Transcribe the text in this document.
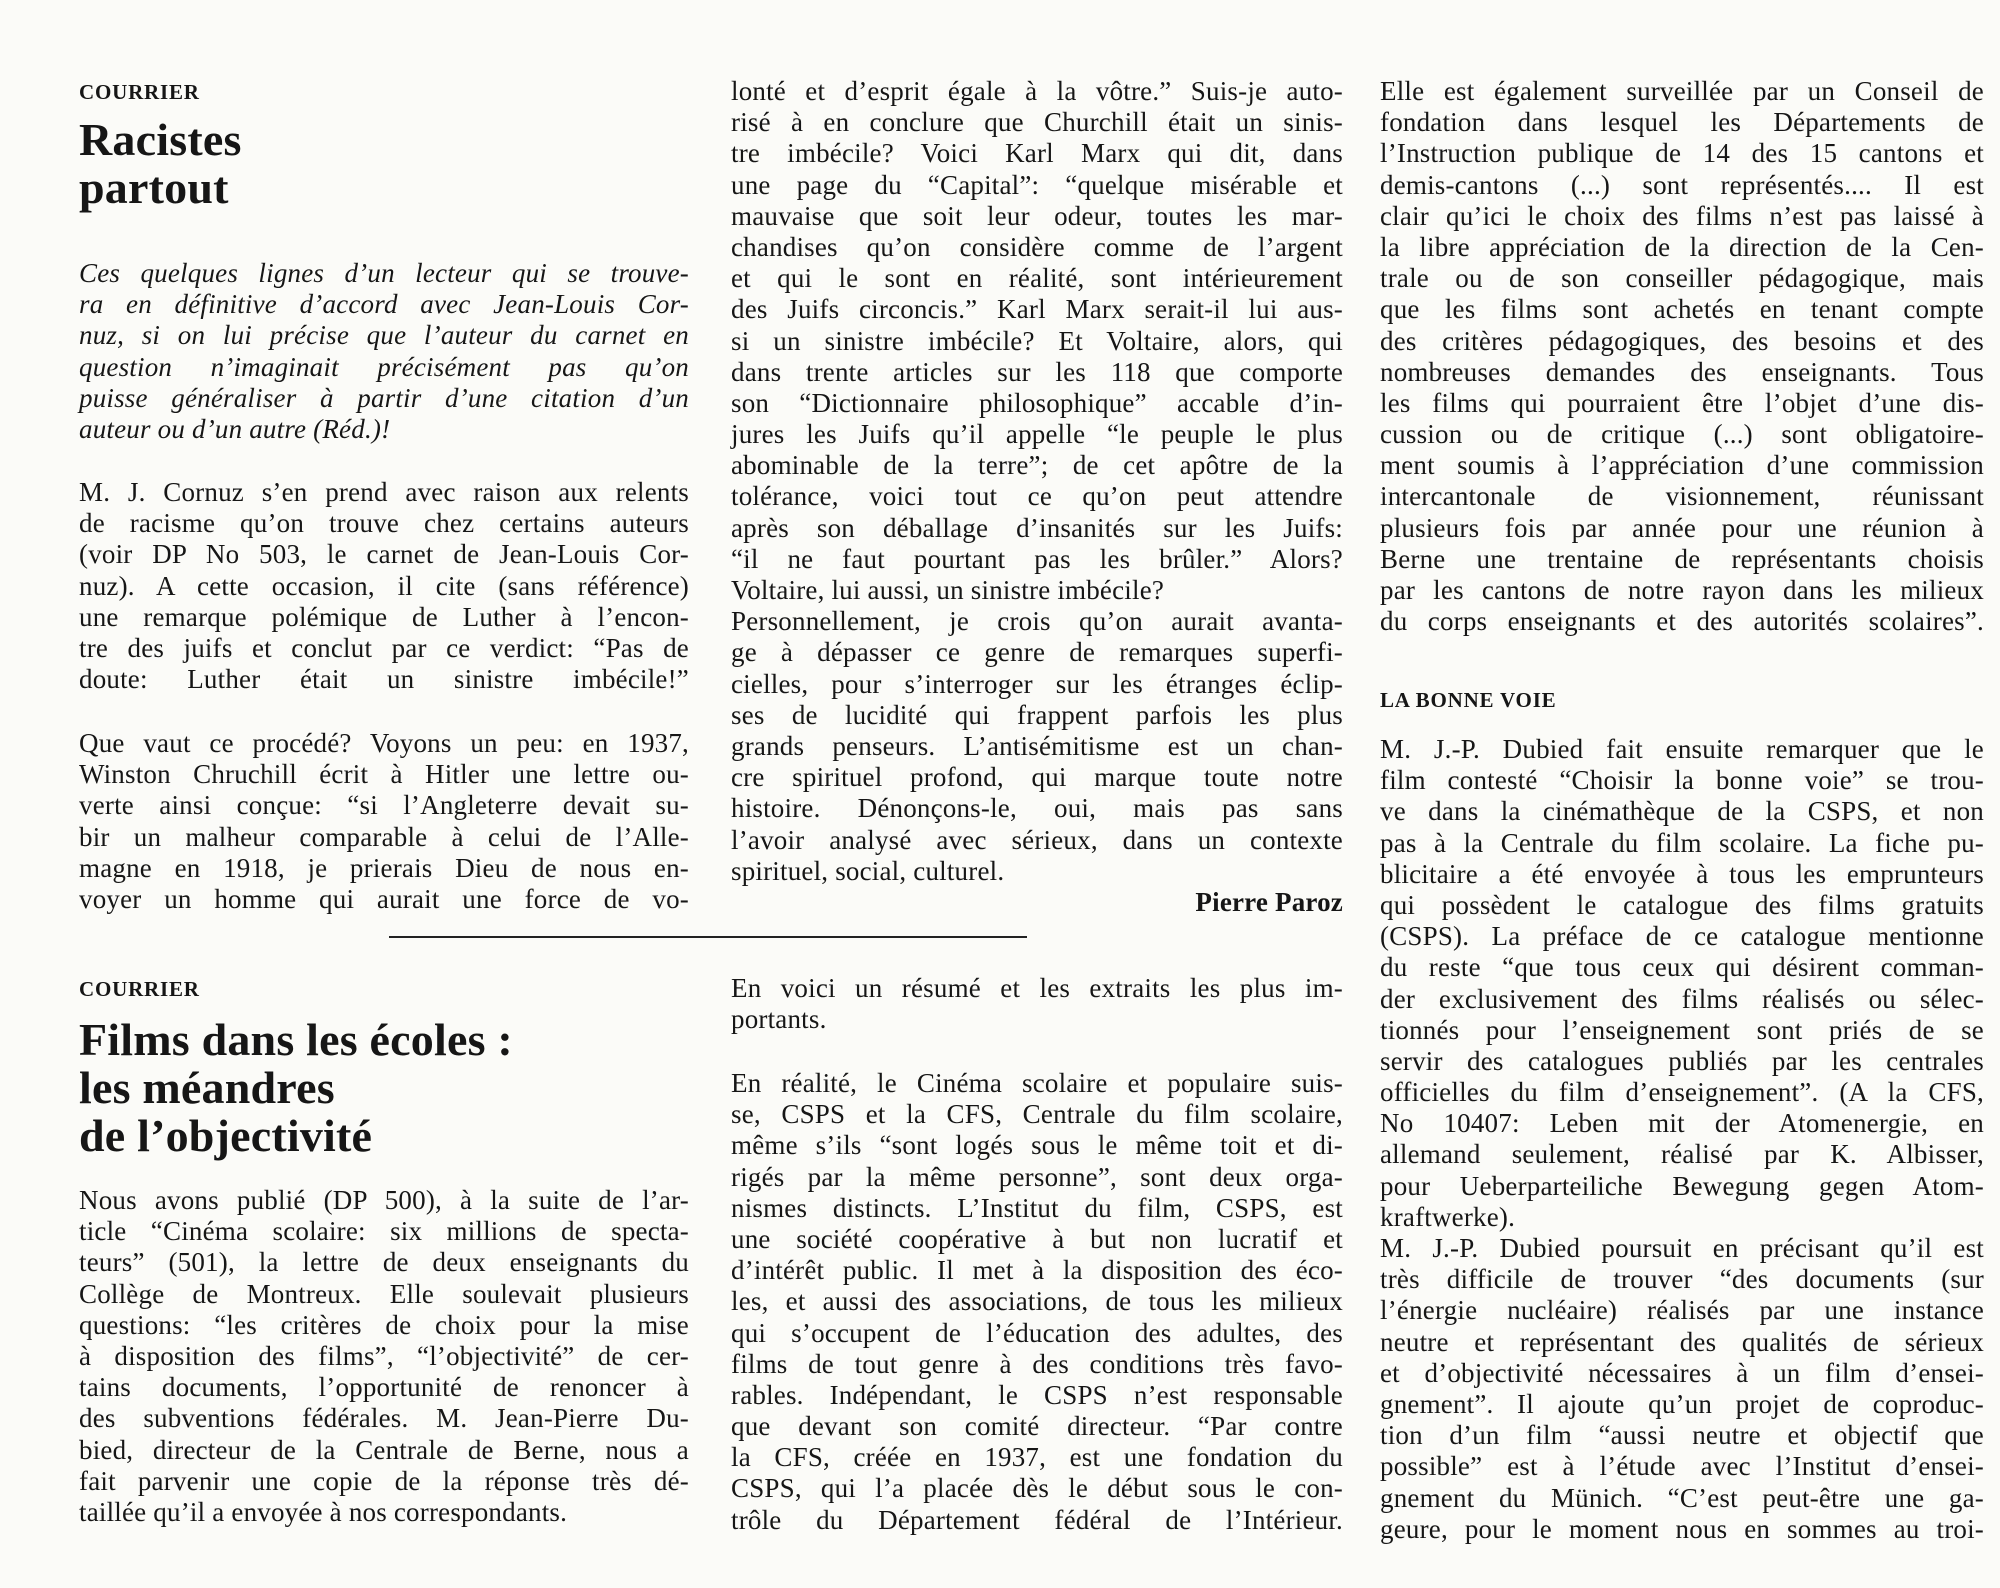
COURRIER
Racistes
partout
Ces quelques lignes d’un lecteur qui se trouve-
ra en définitive d’accord avec Jean-Louis Cor-
nuz, si on lui précise que l’auteur du carnet en
question n’imaginait précisément pas qu’on
puisse généraliser à partir d’une citation d’un
auteur ou d’un autre (Réd.)!
M. J. Cornuz s’en prend avec raison aux relents
de racisme qu’on trouve chez certains auteurs
(voir DP No 503, le carnet de Jean-Louis Cor-
nuz). A cette occasion, il cite (sans référence)
une remarque polémique de Luther à l’encon-
tre des juifs et conclut par ce verdict: “Pas de
doute: Luther était un sinistre imbécile!”
Que vaut ce procédé? Voyons un peu: en 1937,
Winston Chruchill écrit à Hitler une lettre ou-
verte ainsi conçue: “si l’Angleterre devait su-
bir un malheur comparable à celui de l’Alle-
magne en 1918, je prierais Dieu de nous en-
voyer un homme qui aurait une force de vo-
lonté et d’esprit égale à la vôtre.” Suis-je auto-
risé à en conclure que Churchill était un sinis-
tre imbécile? Voici Karl Marx qui dit, dans
une page du “Capital”: “quelque misérable et
mauvaise que soit leur odeur, toutes les mar-
chandises qu’on considère comme de l’argent
et qui le sont en réalité, sont intérieurement
des Juifs circoncis.” Karl Marx serait-il lui aus-
si un sinistre imbécile? Et Voltaire, alors, qui
dans trente articles sur les 118 que comporte
son “Dictionnaire philosophique” accable d’in-
jures les Juifs qu’il appelle “le peuple le plus
abominable de la terre”; de cet apôtre de la
tolérance, voici tout ce qu’on peut attendre
après son déballage d’insanités sur les Juifs:
“il ne faut pourtant pas les brûler.” Alors?
Voltaire, lui aussi, un sinistre imbécile?
Personnellement, je crois qu’on aurait avanta-
ge à dépasser ce genre de remarques superfi-
cielles, pour s’interroger sur les étranges éclip-
ses de lucidité qui frappent parfois les plus
grands penseurs. L’antisémitisme est un chan-
cre spirituel profond, qui marque toute notre
histoire. Dénonçons-le, oui, mais pas sans
l’avoir analysé avec sérieux, dans un contexte
spirituel, social, culturel.
Pierre Paroz
COURRIER
Films dans les écoles :
les méandres
de l’objectivité
Nous avons publié (DP 500), à la suite de l’ar-
ticle “Cinéma scolaire: six millions de specta-
teurs” (501), la lettre de deux enseignants du
Collège de Montreux. Elle soulevait plusieurs
questions: “les critères de choix pour la mise
à disposition des films”, “l’objectivité” de cer-
tains documents, l’opportunité de renoncer à
des subventions fédérales. M. Jean-Pierre Du-
bied, directeur de la Centrale de Berne, nous a
fait parvenir une copie de la réponse très dé-
taillée qu’il a envoyée à nos correspondants.
En voici un résumé et les extraits les plus im-
portants.
En réalité, le Cinéma scolaire et populaire suis-
se, CSPS et la CFS, Centrale du film scolaire,
même s’ils “sont logés sous le même toit et di-
rigés par la même personne”, sont deux orga-
nismes distincts. L’Institut du film, CSPS, est
une société coopérative à but non lucratif et
d’intérêt public. Il met à la disposition des éco-
les, et aussi des associations, de tous les milieux
qui s’occupent de l’éducation des adultes, des
films de tout genre à des conditions très favo-
rables. Indépendant, le CSPS n’est responsable
que devant son comité directeur. “Par contre
la CFS, créée en 1937, est une fondation du
CSPS, qui l’a placée dès le début sous le con-
trôle du Département fédéral de l’Intérieur.
Elle est également surveillée par un Conseil de
fondation dans lesquel les Départements de
l’Instruction publique de 14 des 15 cantons et
demis-cantons (...) sont représentés.... Il est
clair qu’ici le choix des films n’est pas laissé à
la libre appréciation de la direction de la Cen-
trale ou de son conseiller pédagogique, mais
que les films sont achetés en tenant compte
des critères pédagogiques, des besoins et des
nombreuses demandes des enseignants. Tous
les films qui pourraient être l’objet d’une dis-
cussion ou de critique (...) sont obligatoire-
ment soumis à l’appréciation d’une commission
intercantonale de visionnement, réunissant
plusieurs fois par année pour une réunion à
Berne une trentaine de représentants choisis
par les cantons de notre rayon dans les milieux
du corps enseignants et des autorités scolaires”.
LA BONNE VOIE
M. J.-P. Dubied fait ensuite remarquer que le
film contesté “Choisir la bonne voie” se trou-
ve dans la cinémathèque de la CSPS, et non
pas à la Centrale du film scolaire. La fiche pu-
blicitaire a été envoyée à tous les emprunteurs
qui possèdent le catalogue des films gratuits
(CSPS). La préface de ce catalogue mentionne
du reste “que tous ceux qui désirent comman-
der exclusivement des films réalisés ou sélec-
tionnés pour l’enseignement sont priés de se
servir des catalogues publiés par les centrales
officielles du film d’enseignement”. (A la CFS,
No 10407: Leben mit der Atomenergie, en
allemand seulement, réalisé par K. Albisser,
pour Ueberparteiliche Bewegung gegen Atom-
kraftwerke).
M. J.-P. Dubied poursuit en précisant qu’il est
très difficile de trouver “des documents (sur
l’énergie nucléaire) réalisés par une instance
neutre et représentant des qualités de sérieux
et d’objectivité nécessaires à un film d’ensei-
gnement”. Il ajoute qu’un projet de coproduc-
tion d’un film “aussi neutre et objectif que
possible” est à l’étude avec l’Institut d’ensei-
gnement du Münich. “C’est peut-être une ga-
geure, pour le moment nous en sommes au troi-
